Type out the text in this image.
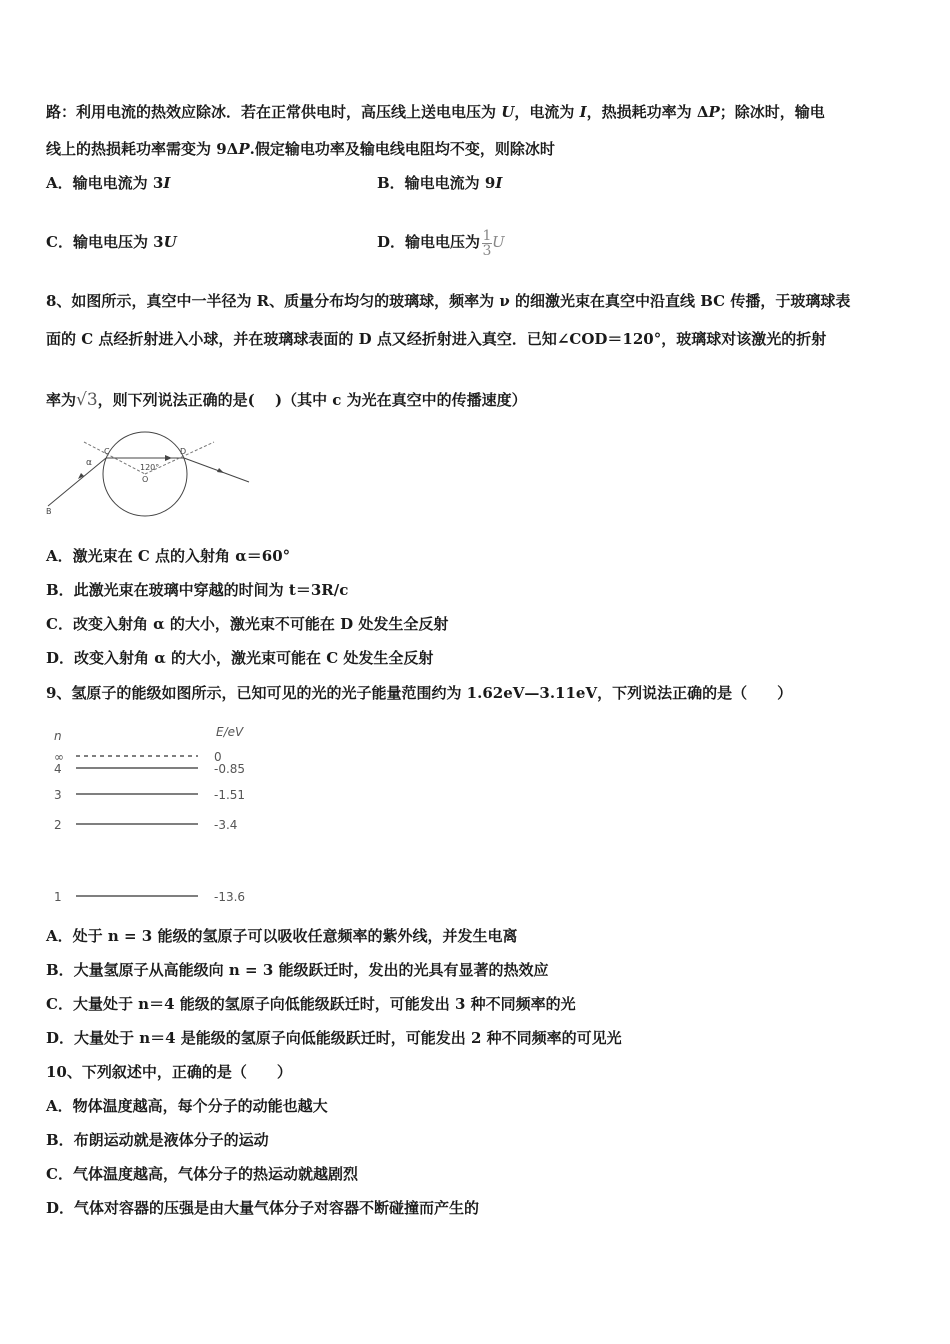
路：利用电流的热效应除冰．若在正常供电时，高压线上送电电压为 U，电流为 I，热损耗功率为 ΔP；除冰时，输电
线上的热损耗功率需变为 9ΔP.假定输电功率及输电线电阻均不变，则除冰时
A．输电电流为 3I	B．输电电流为 9I
C．输电电压为 3U	D．输电电压为 $\frac{1}{3}$ U
8、如图所示，真空中一半径为 R、质量分布均匀的玻璃球，频率为 ν 的细激光束在真空中沿直线 BC 传播，于玻璃球表
面的 C 点经折射进入小球，并在玻璃球表面的 D 点又经折射进入真空．已知∠COD＝120°，玻璃球对该激光的折射
率为√3，则下列说法正确的是(　 )（其中 c 为光在真空中的传播速度）
α
C	D
120°
O
B
A．激光束在 C 点的入射角 α＝60°
B．此激光束在玻璃中穿越的时间为 t＝3R/c
C．改变入射角 α 的大小，激光束不可能在 D 处发生全反射
D．改变入射角 α 的大小，激光束可能在 C 处发生全反射
9、氢原子的能级如图所示，已知可见的光的光子能量范围约为 1.62eV—3.11eV，下列说法正确的是（　　）
n	E/eV
∞	0
4	-0.85
3	-1.51
2	-3.4
1	-13.6
A．处于 n = 3 能级的氢原子可以吸收任意频率的紫外线，并发生电离
B．大量氢原子从高能级向 n = 3 能级跃迁时，发出的光具有显著的热效应
C．大量处于 n＝4 能级的氢原子向低能级跃迁时，可能发出 3 种不同频率的光
D．大量处于 n＝4 是能级的氢原子向低能级跃迁时，可能发出 2 种不同频率的可见光
10、下列叙述中，正确的是（　　）
A．物体温度越高，每个分子的动能也越大
B．布朗运动就是液体分子的运动
C．气体温度越高，气体分子的热运动就越剧烈
D．气体对容器的压强是由大量气体分子对容器不断碰撞而产生的
